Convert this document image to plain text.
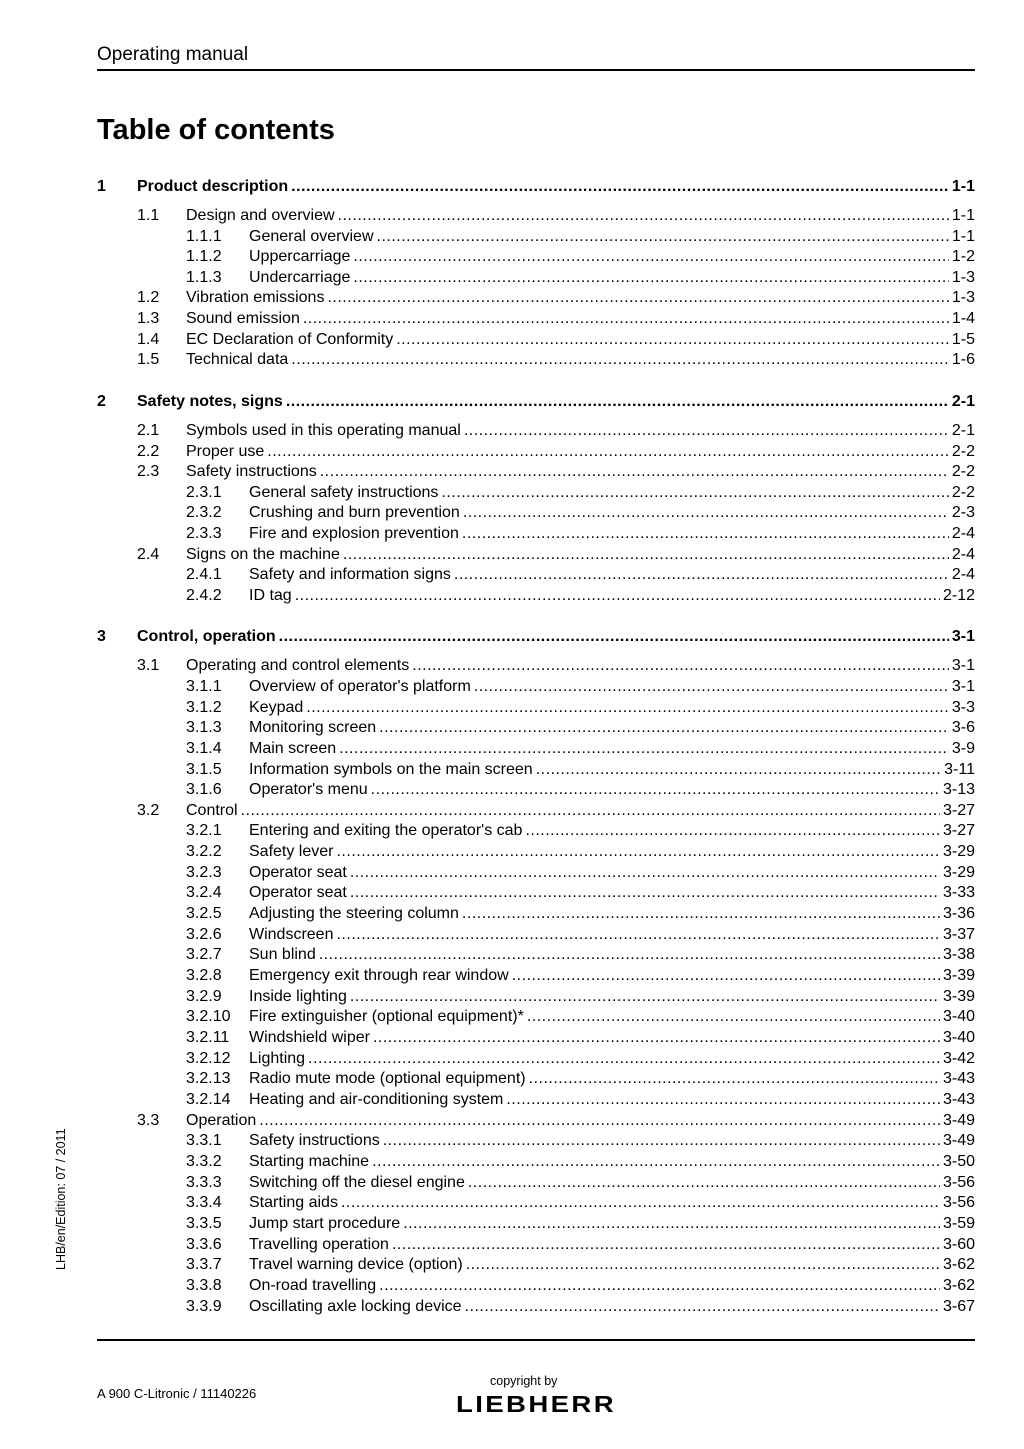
Operating manual
Table of contents
1 Product description .....	1-1
1.1 Design and overview .....	1-1
1.1.1 General overview .....	1-1
1.1.2 Uppercarriage .....	1-2
1.1.3 Undercarriage .....	1-3
1.2 Vibration emissions .....	1-3
1.3 Sound emission .....	1-4
1.4 EC Declaration of Conformity .....	1-5
1.5 Technical data .....	1-6
2 Safety notes, signs .....	2-1
2.1 Symbols used in this operating manual .....	2-1
2.2 Proper use .....	2-2
2.3 Safety instructions .....	2-2
2.3.1 General safety instructions .....	2-2
2.3.2 Crushing and burn prevention .....	2-3
2.3.3 Fire and explosion prevention .....	2-4
2.4 Signs on the machine .....	2-4
2.4.1 Safety and information signs .....	2-4
2.4.2 ID tag .....	2-12
3 Control, operation .....	3-1
3.1 Operating and control elements .....	3-1
3.1.1 Overview of operator's platform .....	3-1
3.1.2 Keypad .....	3-3
3.1.3 Monitoring screen .....	3-6
3.1.4 Main screen .....	3-9
3.1.5 Information symbols on the main screen .....	3-11
3.1.6 Operator's menu .....	3-13
3.2 Control .....	3-27
3.2.1 Entering and exiting the operator's cab .....	3-27
3.2.2 Safety lever .....	3-29
3.2.3 Operator seat .....	3-29
3.2.4 Operator seat .....	3-33
3.2.5 Adjusting the steering column .....	3-36
3.2.6 Windscreen .....	3-37
3.2.7 Sun blind .....	3-38
3.2.8 Emergency exit through rear window .....	3-39
3.2.9 Inside lighting .....	3-39
3.2.10 Fire extinguisher (optional equipment)* .....	3-40
3.2.11 Windshield wiper .....	3-40
3.2.12 Lighting .....	3-42
3.2.13 Radio mute mode (optional equipment) .....	3-43
3.2.14 Heating and air-conditioning system .....	3-43
3.3 Operation .....	3-49
3.3.1 Safety instructions .....	3-49
3.3.2 Starting machine .....	3-50
3.3.3 Switching off the diesel engine .....	3-56
3.3.4 Starting aids .....	3-56
3.3.5 Jump start procedure .....	3-59
3.3.6 Travelling operation .....	3-60
3.3.7 Travel warning device (option) .....	3-62
3.3.8 On-road travelling .....	3-62
3.3.9 Oscillating axle locking device .....	3-67
LHB/en/Edition: 07 / 2011
A 900 C-Litronic / 11140226
copyright by
LIEBHERR
